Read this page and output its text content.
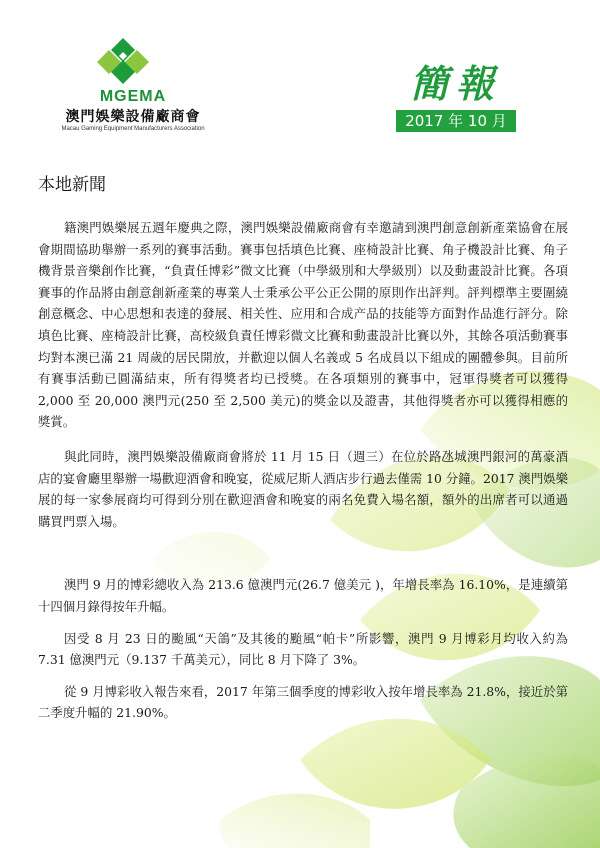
MGEMA
澳門娛樂設備廠商會
Macau Gaming Equipment Manufacturers Association
簡報
2017 年 10 月
本地新聞

籍澳門娛樂展五週年慶典之際，澳門娛樂設備廠商會有幸邀請到澳門創意創新產業協會在展會期間協助舉辦一系列的賽事活動。賽事包括填色比賽、座椅設計比賽、角子機設計比賽、角子機背景音樂創作比賽，“負責任博彩”微文比賽（中學級別和大學級別）以及動畫設計比賽。各項賽事的作品將由創意創新產業的專業人士秉承公平公正公開的原則作出評判。評判標準主要圍繞創意概念、中心思想和表達的發展、相关性、应用和合成产品的技能等方面對作品進行評分。除填色比賽、座椅設計比賽，高校級負責任博彩微文比賽和動畫設計比賽以外，其餘各項活動賽事均對本澳已滿 21 周歲的居民開放，并歡迎以個人名義或 5 名成員以下組成的團體參與。目前所有賽事活動已圓滿結束，所有得獎者均已授獎。在各項類別的賽事中，冠軍得獎者可以獲得 2,000 至 20,000 澳門元(250 至 2,500 美元)的獎金以及證書，其他得獎者亦可以獲得相應的獎賞。

與此同時，澳門娛樂設備廠商會將於 11 月 15 日（週三）在位於路氹城澳門銀河的萬豪酒店的宴會廳里舉辦一場歡迎酒會和晚宴，從威尼斯人酒店步行過去僅需 10 分鐘。2017 澳門娛樂展的每一家參展商均可得到分別在歡迎酒會和晚宴的兩名免費入場名額，額外的出席者可以通過購買門票入場。

澳門 9 月的博彩總收入為 213.6 億澳門元(26.7 億美元 )，年增長率為 16.10%，是連續第十四個月錄得按年升幅。

因受 8 月 23 日的颱風“天鴿”及其後的颱風“帕卡”所影響，澳門 9 月博彩月均收入約為 7.31 億澳門元（9.137 千萬美元），同比 8 月下降了 3%。

從 9 月博彩收入報告來看，2017 年第三個季度的博彩收入按年增長率為 21.8%，接近於第二季度升幅的 21.90%。
